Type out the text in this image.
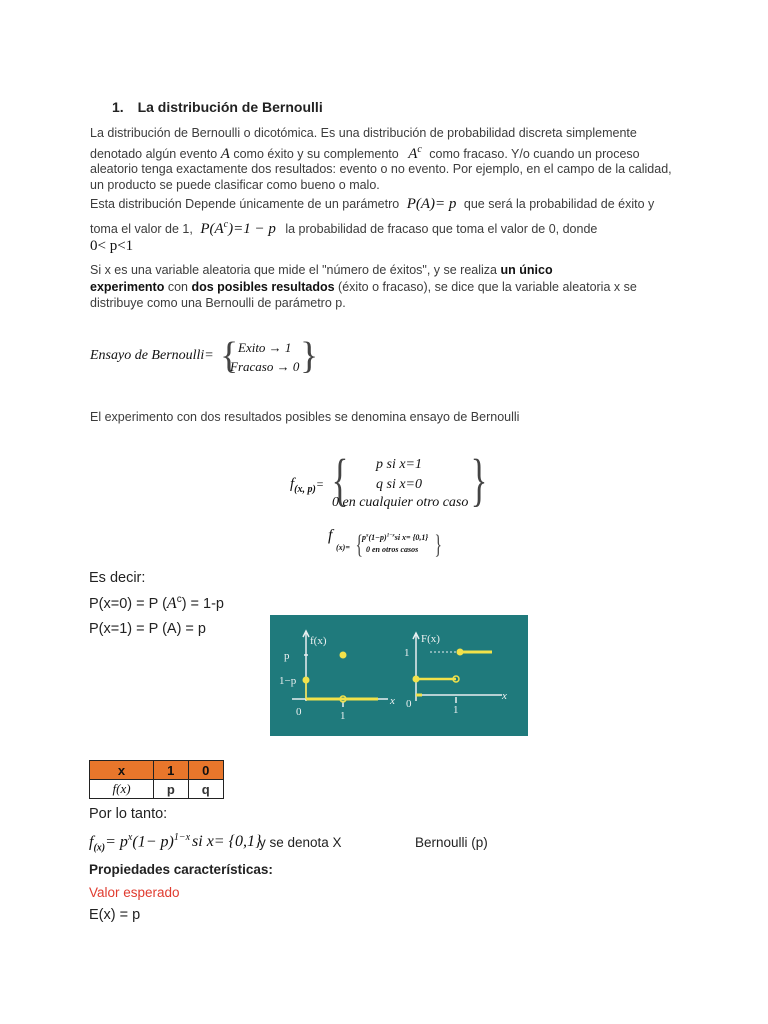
1. La distribución de Bernoulli
La distribución de Bernoulli o dicotómica. Es una distribución de probabilidad discreta simplemente
denotado algún evento A como éxito y su complemento $A^c$ como fracaso. Y/o cuando un proceso
aleatorio tenga exactamente dos resultados: evento o no evento. Por ejemplo, en el campo de la calidad,
un producto se puede clasificar como bueno o malo.
Esta distribución Depende únicamente de un parámetro P(A)= p que será la probabilidad de éxito y
toma el valor de 1, $P(A^c)=1 - p$ la probabilidad de fracaso que toma el valor de 0, donde
0< p<1
Si x es una variable aleatoria que mide el "número de éxitos", y se realiza un único
experimento con dos posibles resultados (éxito o fracaso), se dice que la variable aleatoria x se
distribuye como una Bernoulli de parámetro p.
Ensayo de Bernoulli= { Exito → 1
Fracaso → 0 }
El experimento con dos resultados posibles se denomina ensayo de Bernoulli
$f_{(x, p)}=$ { p si x=1
q si x=0
0 en cualquier otro caso }
f
(x)= { $p^x(1-p)^{1-x}si$ x= {0,1}
0 en otros casos }
Es decir:
P(x=0) = P $(A^c) = 1-p$
P(x=1) = P (A) = p
f(x)
p
1−p
0	1
x
F(x)
1
0	1
x
x	1	0
f(x)	p	q
Por lo tanto:
$f_{(x)}= p^x(1- p)^{1-x}$ si x= {0,1}
y se denota X	Bernoulli (p)
Propiedades características:
Valor esperado
E(x) = p
